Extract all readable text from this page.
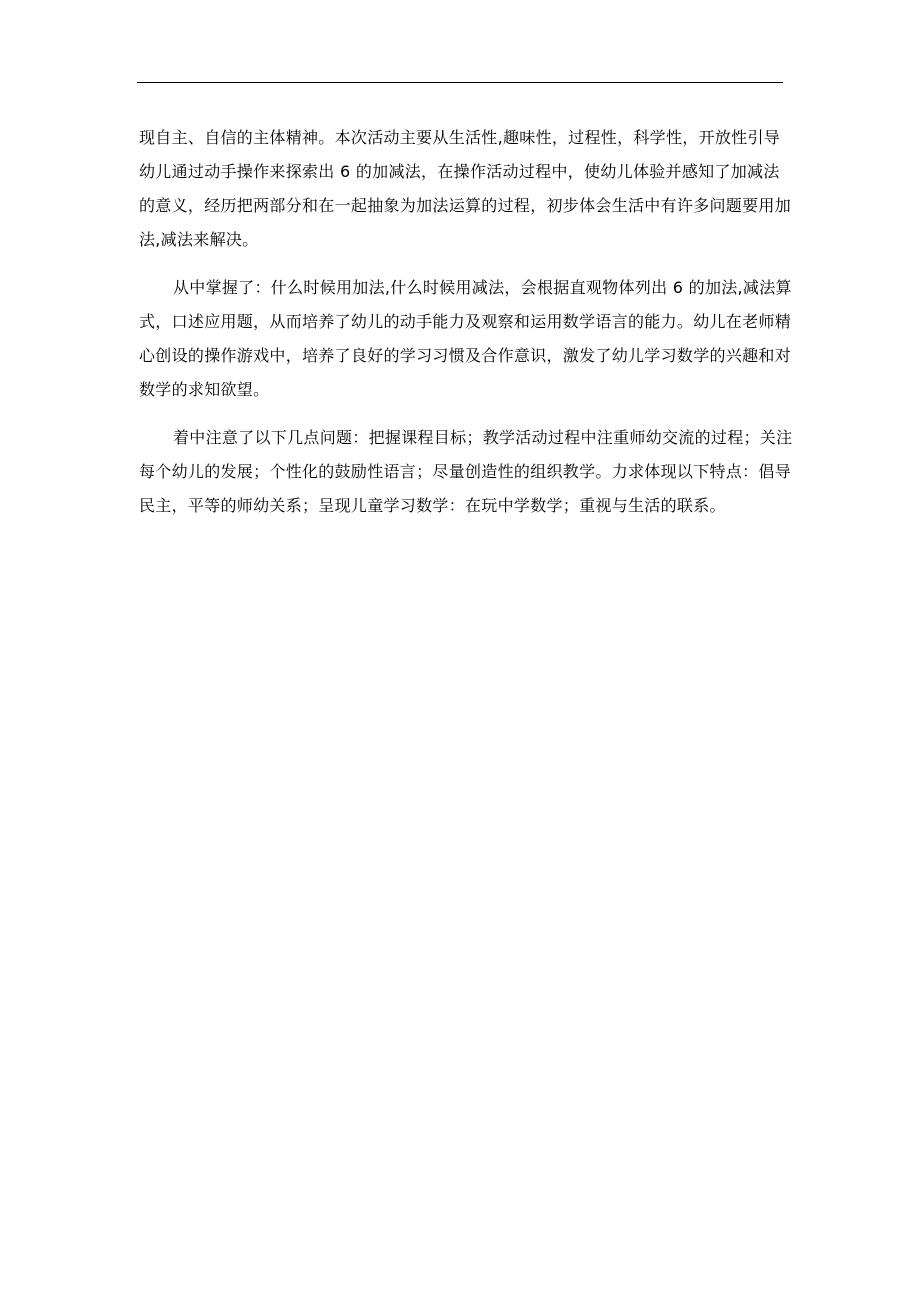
现自主、自信的主体精神。本次活动主要从生活性,趣味性，过程性，科学性，开放性引导
幼儿通过动手操作来探索出 6 的加减法，在操作活动过程中，使幼儿体验并感知了加减法
的意义，经历把两部分和在一起抽象为加法运算的过程，初步体会生活中有许多问题要用加
法,减法来解决。

从中掌握了：什么时候用加法,什么时候用减法，会根据直观物体列出 6 的加法,减法算
式，口述应用题，从而培养了幼儿的动手能力及观察和运用数学语言的能力。幼儿在老师精
心创设的操作游戏中，培养了良好的学习习惯及合作意识，激发了幼儿学习数学的兴趣和对
数学的求知欲望。

着中注意了以下几点问题：把握课程目标；教学活动过程中注重师幼交流的过程；关注
每个幼儿的发展；个性化的鼓励性语言；尽量创造性的组织教学。力求体现以下特点：倡导
民主，平等的师幼关系；呈现儿童学习数学：在玩中学数学；重视与生活的联系。
